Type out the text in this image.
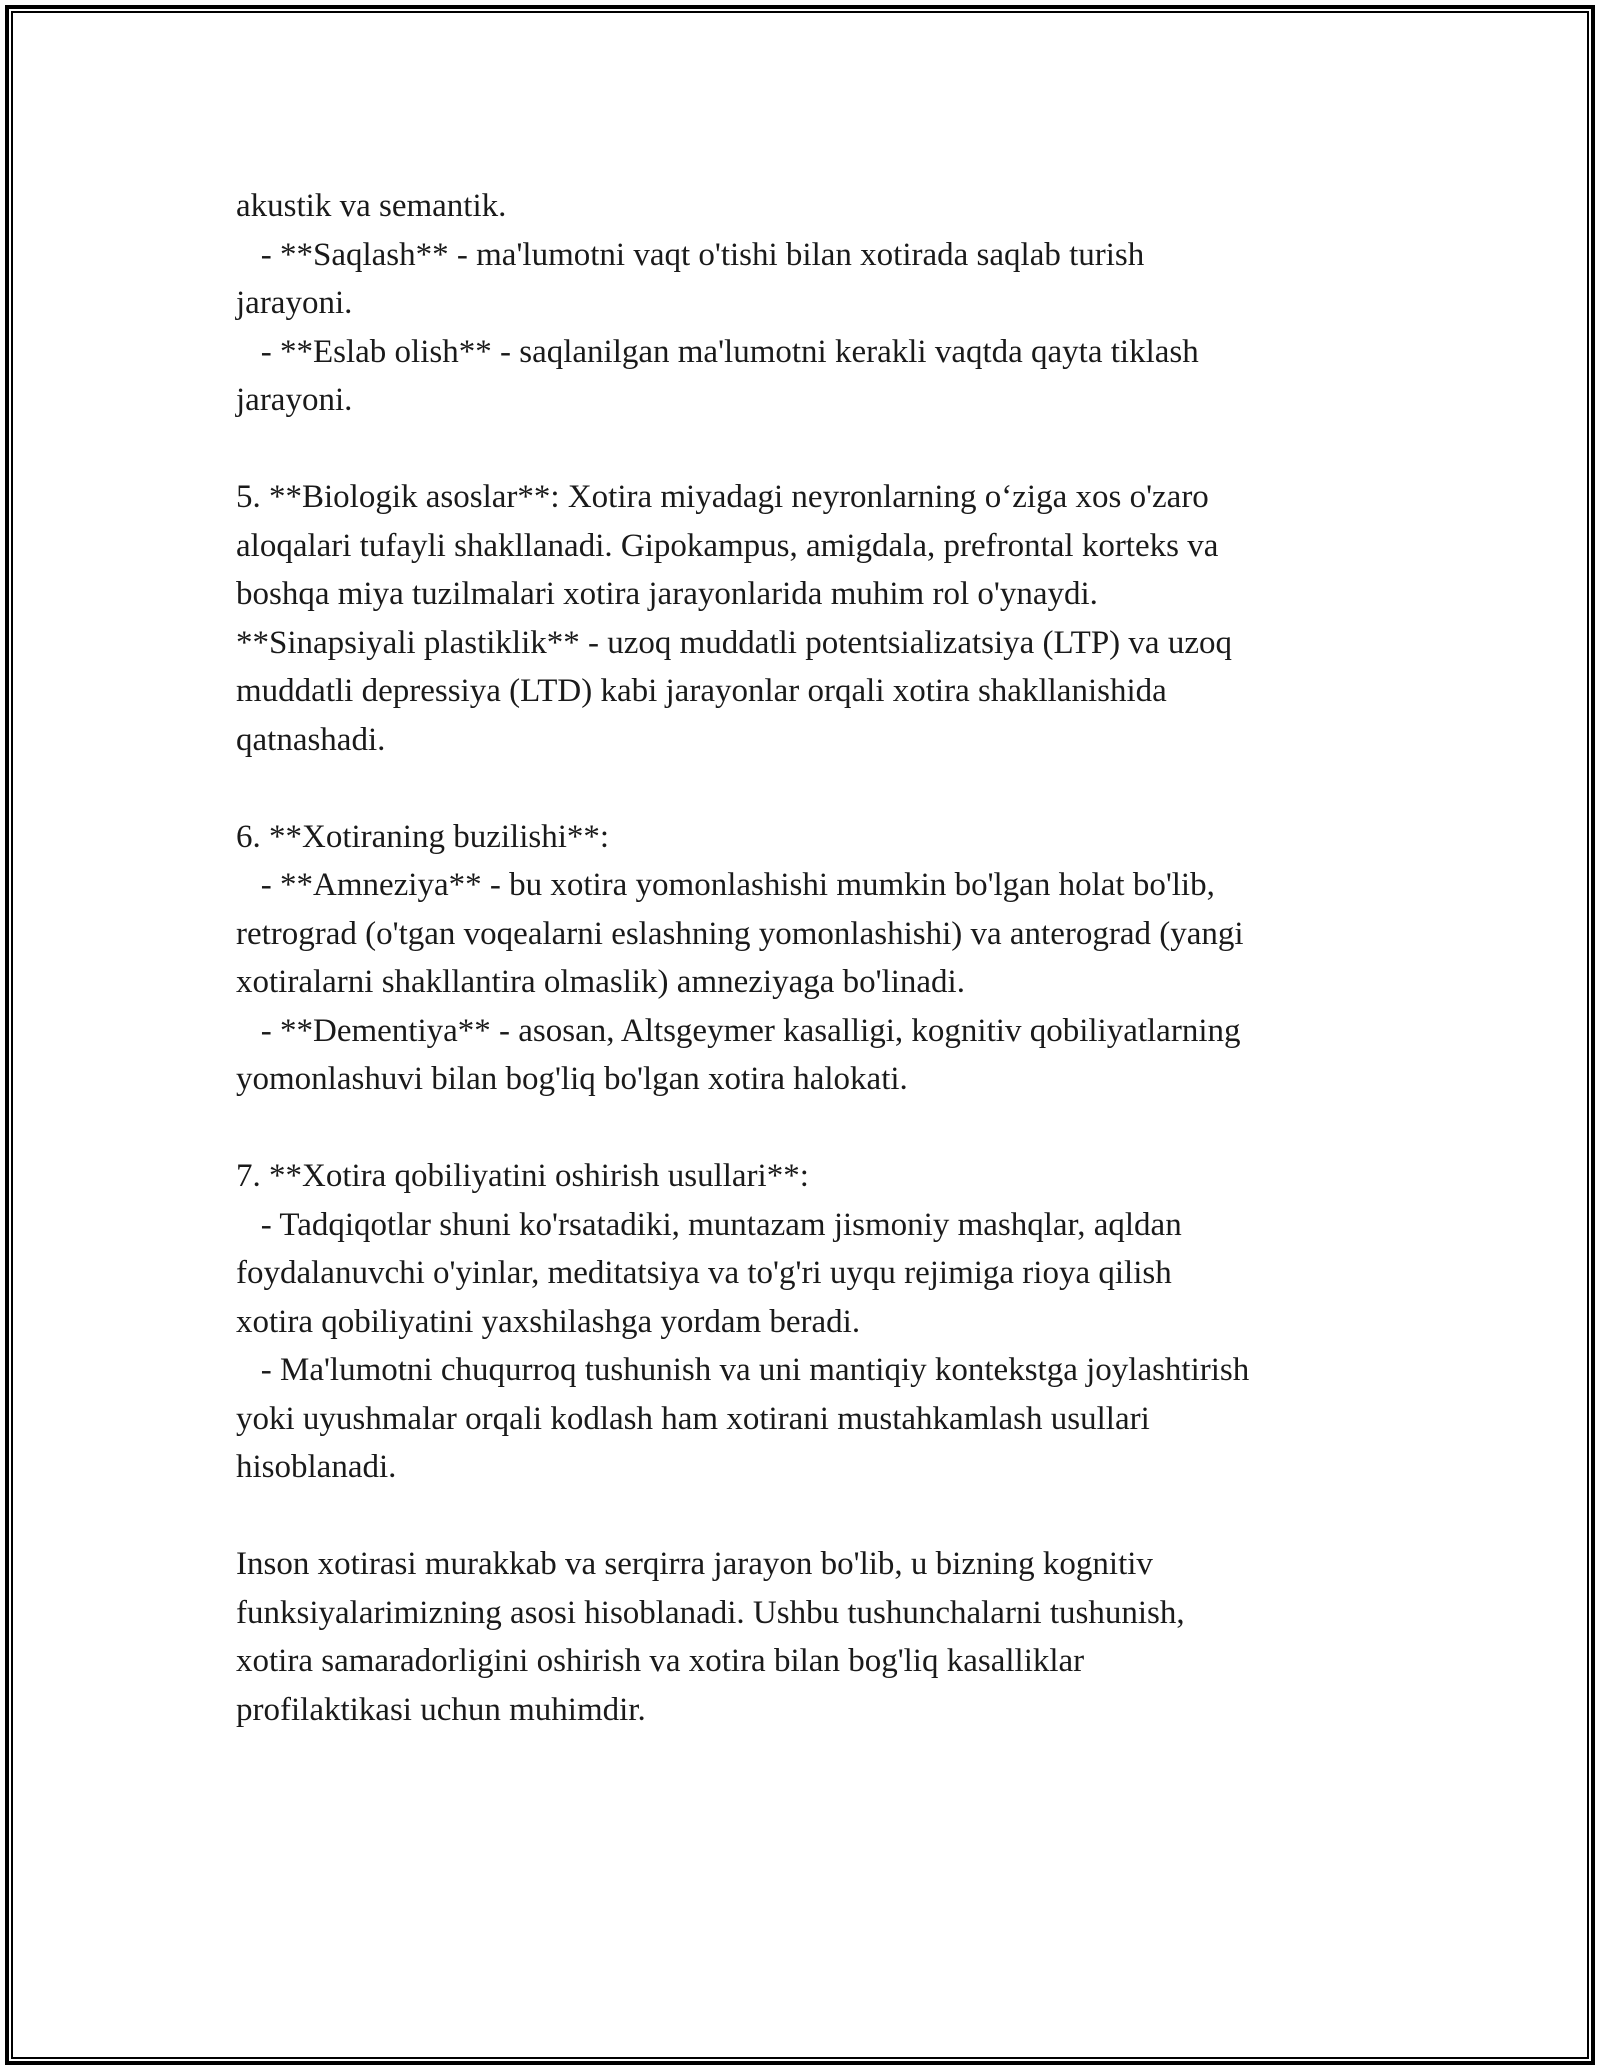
akustik va semantik.
- **Saqlash** - ma'lumotni vaqt o'tishi bilan xotirada saqlab turish
jarayoni.
- **Eslab olish** - saqlanilgan ma'lumotni kerakli vaqtda qayta tiklash
jarayoni.
5. **Biologik asoslar**: Xotira miyadagi neyronlarning o‘ziga xos o'zaro
aloqalari tufayli shakllanadi. Gipokampus, amigdala, prefrontal korteks va
boshqa miya tuzilmalari xotira jarayonlarida muhim rol o'ynaydi.
**Sinapsiyali plastiklik** - uzoq muddatli potentsializatsiya (LTP) va uzoq
muddatli depressiya (LTD) kabi jarayonlar orqali xotira shakllanishida
qatnashadi.
6. **Xotiraning buzilishi**:
- **Amneziya** - bu xotira yomonlashishi mumkin bo'lgan holat bo'lib,
retrograd (o'tgan voqealarni eslashning yomonlashishi) va anterograd (yangi
xotiralarni shakllantira olmaslik) amneziyaga bo'linadi.
- **Dementiya** - asosan, Altsgeymer kasalligi, kognitiv qobiliyatlarning
yomonlashuvi bilan bog'liq bo'lgan xotira halokati.
7. **Xotira qobiliyatini oshirish usullari**:
- Tadqiqotlar shuni ko'rsatadiki, muntazam jismoniy mashqlar, aqldan
foydalanuvchi o'yinlar, meditatsiya va to'g'ri uyqu rejimiga rioya qilish
xotira qobiliyatini yaxshilashga yordam beradi.
- Ma'lumotni chuqurroq tushunish va uni mantiqiy kontekstga joylashtirish
yoki uyushmalar orqali kodlash ham xotirani mustahkamlash usullari
hisoblanadi.
Inson xotirasi murakkab va serqirra jarayon bo'lib, u bizning kognitiv
funksiyalarimizning asosi hisoblanadi. Ushbu tushunchalarni tushunish,
xotira samaradorligini oshirish va xotira bilan bog'liq kasalliklar
profilaktikasi uchun muhimdir.
